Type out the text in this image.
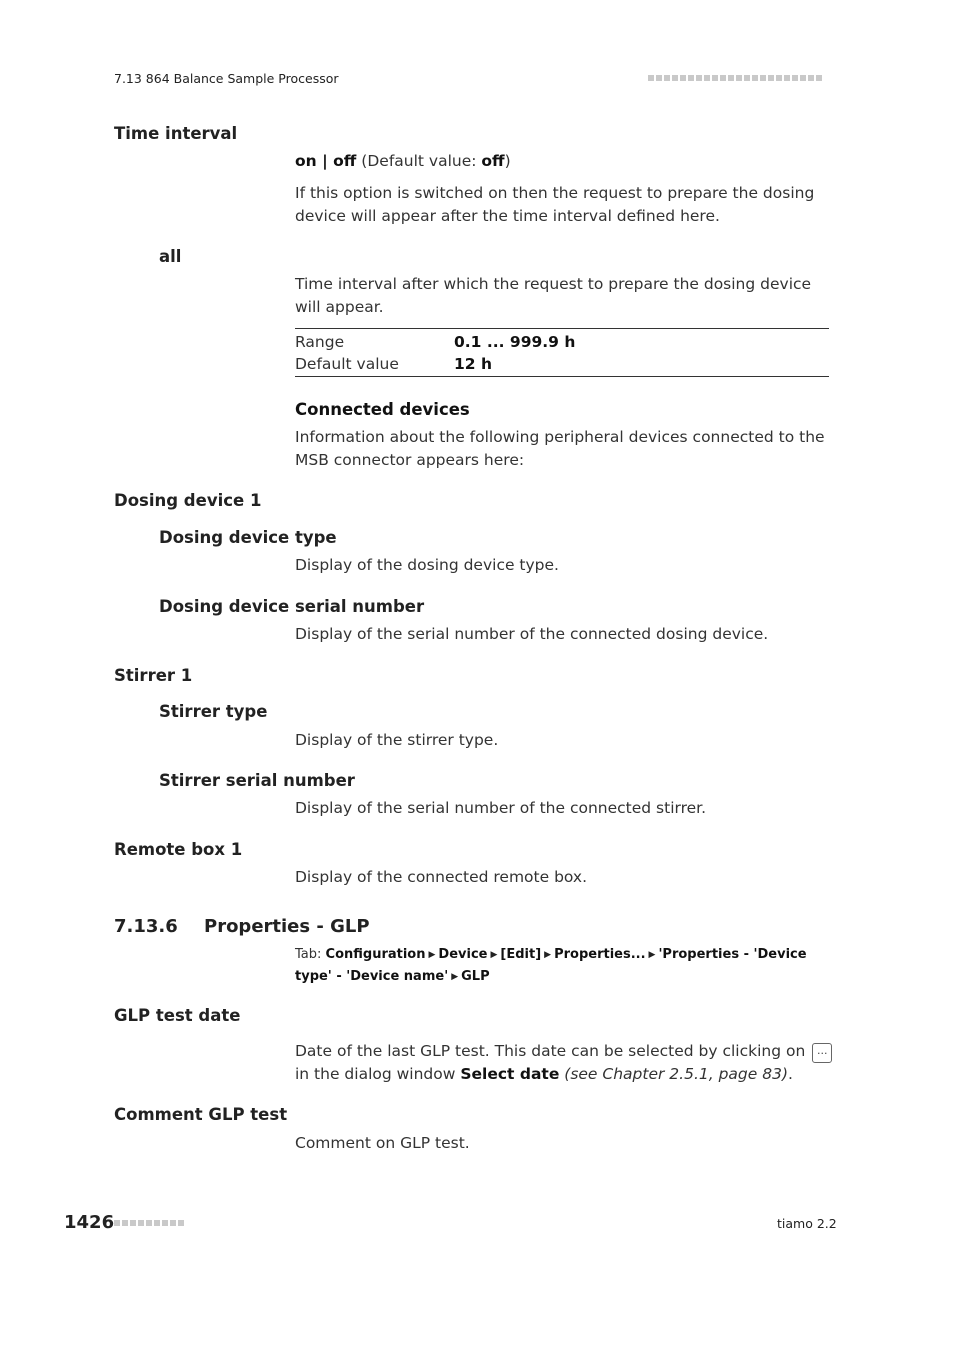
7.13 864 Balance Sample Processor
Time interval
on | off (Default value: off)
If this option is switched on then the request to prepare the dosing device will appear after the time interval defined here.
all
Time interval after which the request to prepare the dosing device will appear.
Range	0.1 ... 999.9 h
Default value	12 h
Connected devices
Information about the following peripheral devices connected to the MSB connector appears here:
Dosing device 1
Dosing device type
Display of the dosing device type.
Dosing device serial number
Display of the serial number of the connected dosing device.
Stirrer 1
Stirrer type
Display of the stirrer type.
Stirrer serial number
Display of the serial number of the connected stirrer.
Remote box 1
Display of the connected remote box.
7.13.6 Properties - GLP
Tab: Configuration ▶ Device ▶ [Edit] ▶ Properties... ▶ 'Properties - 'Device type' - 'Device name' ▶ GLP
GLP test date
Date of the last GLP test. This date can be selected by clicking on ... in the dialog window Select date (see Chapter 2.5.1, page 83).
Comment GLP test
Comment on GLP test.
1426	tiamo 2.2
